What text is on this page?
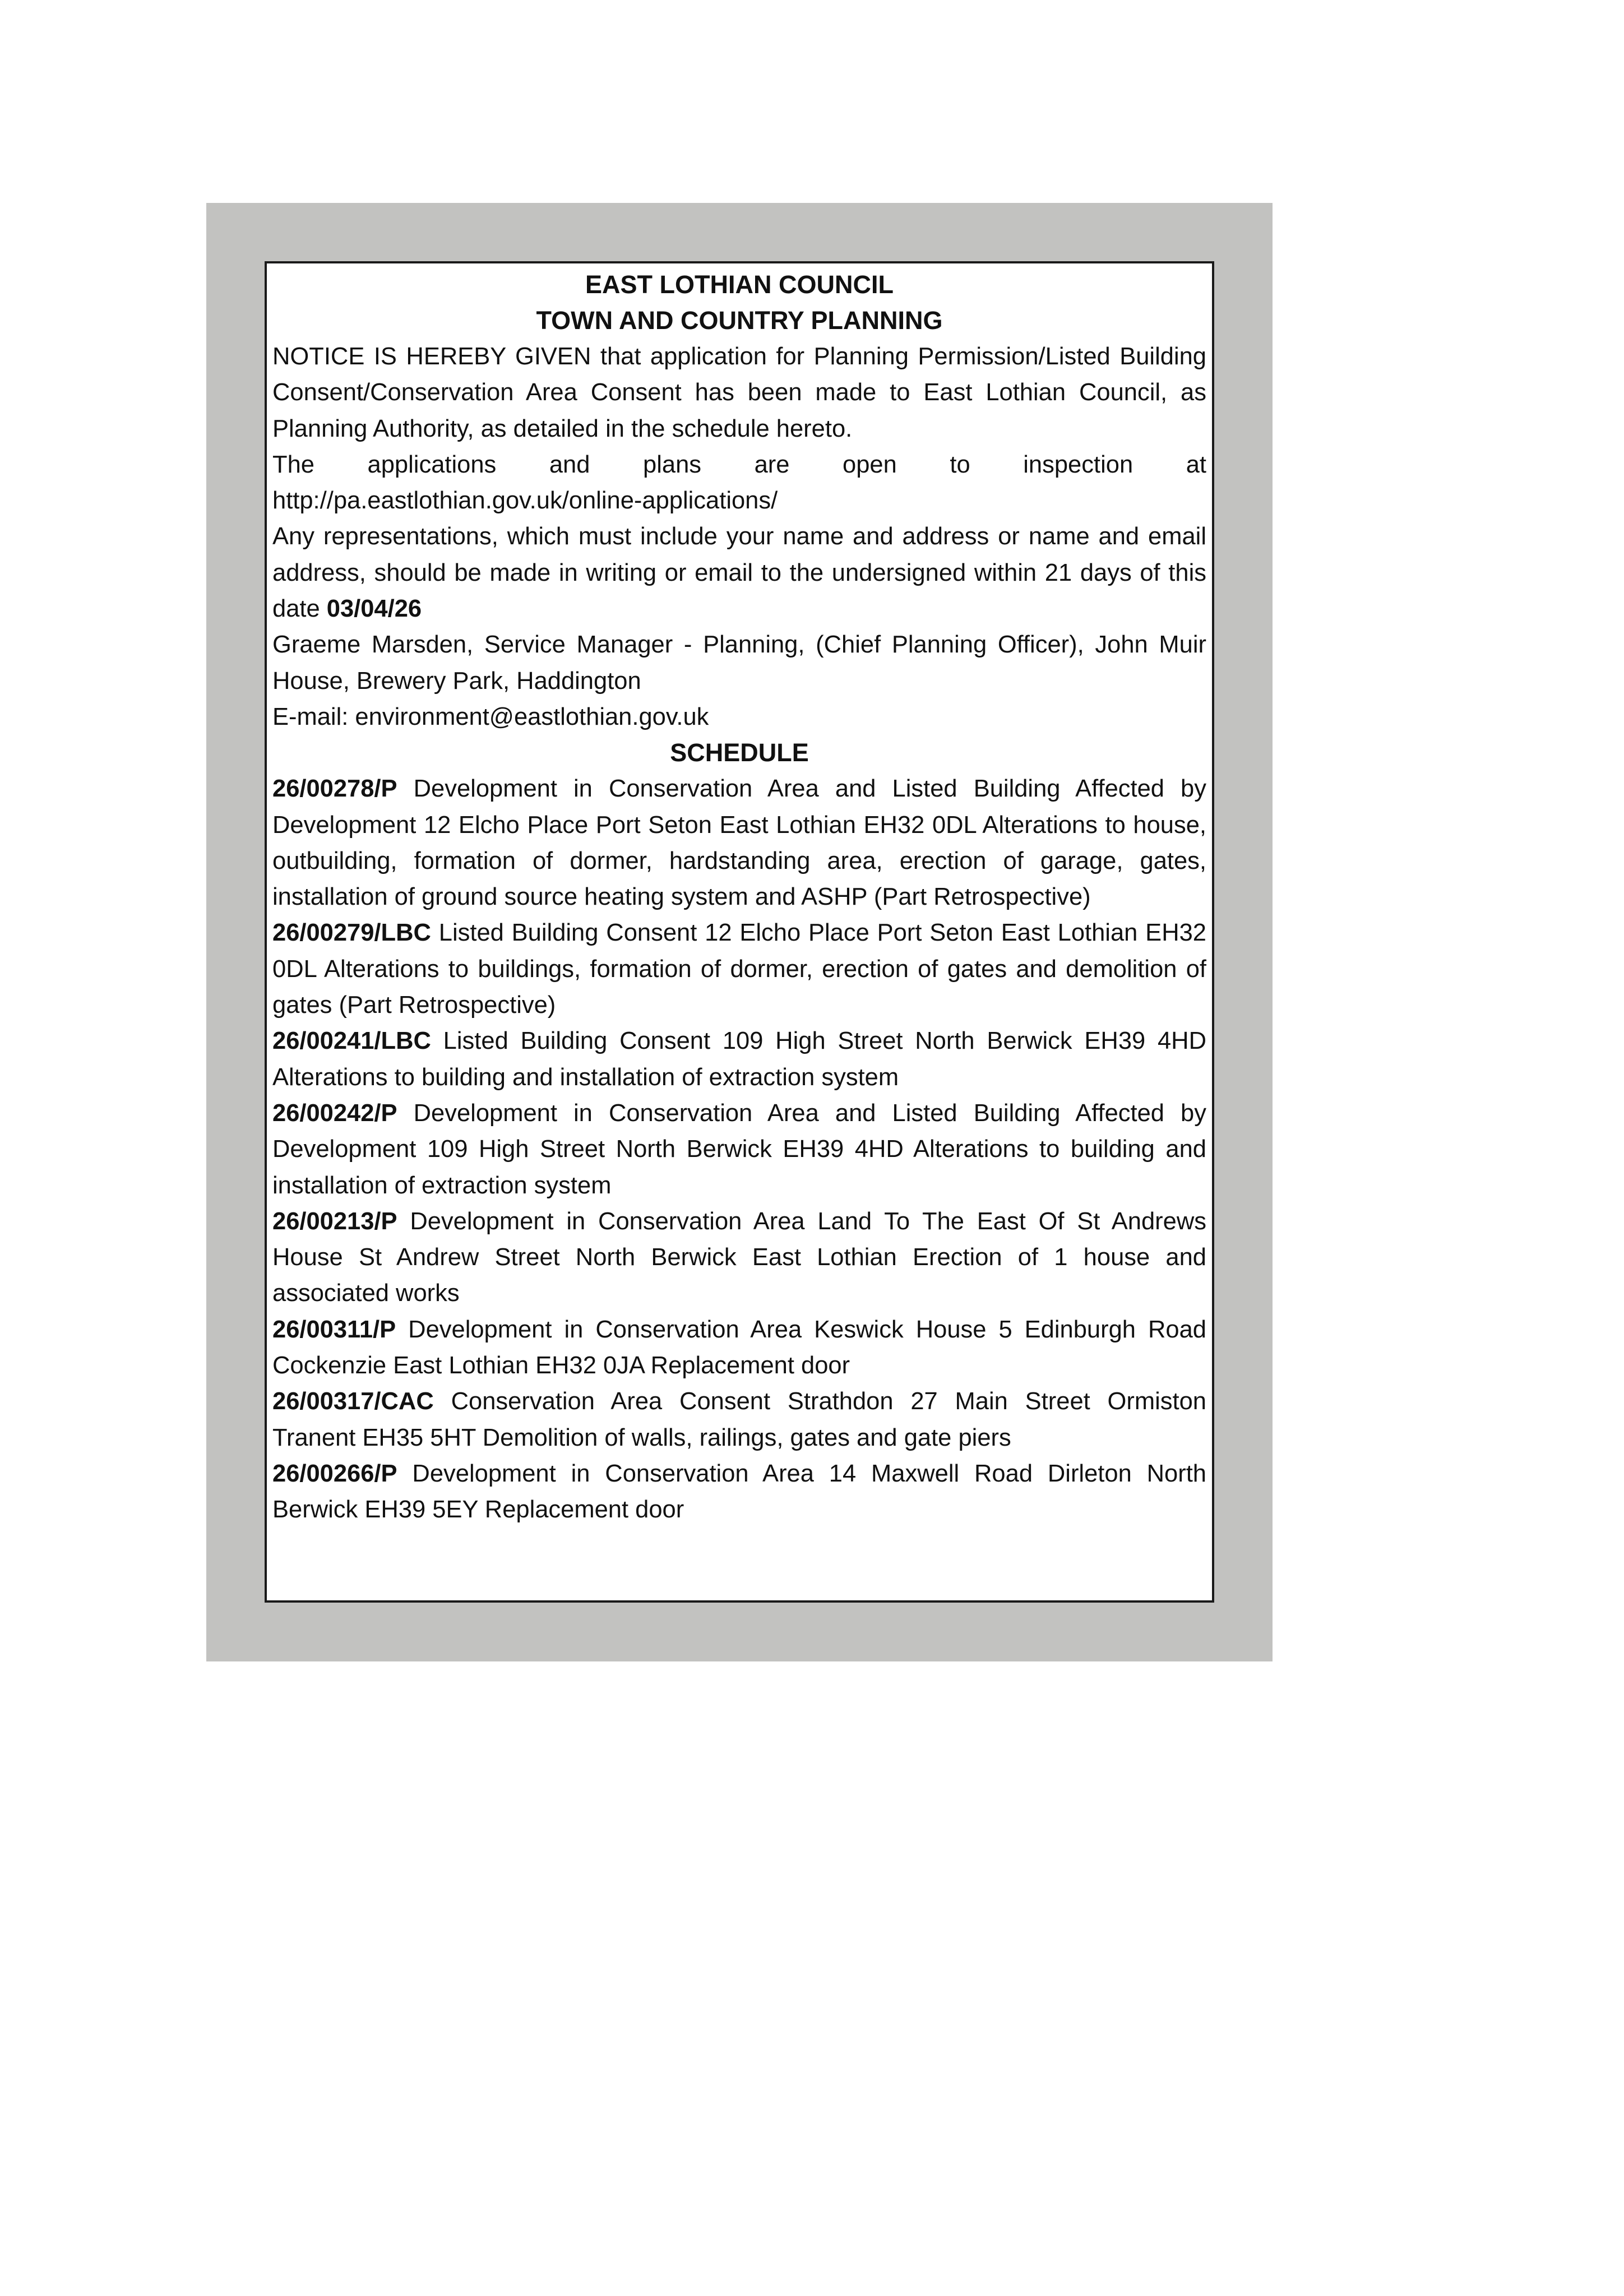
EAST LOTHIAN COUNCIL

TOWN AND COUNTRY PLANNING

NOTICE IS HEREBY GIVEN that application for Planning Permission/Listed Building Consent/Conservation Area Consent has been made to East Lothian Council, as Planning Authority, as detailed in the schedule hereto.

The applications and plans are open to inspection at http://pa.eastlothian.gov.uk/online-applications/

Any representations, which must include your name and address or name and email address, should be made in writing or email to the undersigned within 21 days of this date 03/04/26

Graeme Marsden, Service Manager - Planning, (Chief Planning Officer), John Muir House, Brewery Park, Haddington

E-mail: environment@eastlothian.gov.uk

SCHEDULE

26/00278/P Development in Conservation Area and Listed Building Affected by Development 12 Elcho Place Port Seton East Lothian EH32 0DL Alterations to house, outbuilding, formation of dormer, hardstanding area, erection of garage, gates, installation of ground source heating system and ASHP (Part Retrospective)

26/00279/LBC Listed Building Consent 12 Elcho Place Port Seton East Lothian EH32 0DL Alterations to buildings, formation of dormer, erection of gates and demolition of gates (Part Retrospective)

26/00241/LBC Listed Building Consent 109 High Street North Berwick EH39 4HD Alterations to building and installation of extraction system

26/00242/P Development in Conservation Area and Listed Building Affected by Development 109 High Street North Berwick EH39 4HD Alterations to building and installation of extraction system

26/00213/P Development in Conservation Area Land To The East Of St Andrews House St Andrew Street North Berwick East Lothian Erection of 1 house and associated works

26/00311/P Development in Conservation Area Keswick House 5 Edinburgh Road Cockenzie East Lothian EH32 0JA Replacement door

26/00317/CAC Conservation Area Consent Strathdon 27 Main Street Ormiston Tranent EH35 5HT Demolition of walls, railings, gates and gate piers

26/00266/P Development in Conservation Area 14 Maxwell Road Dirleton North Berwick EH39 5EY Replacement door
